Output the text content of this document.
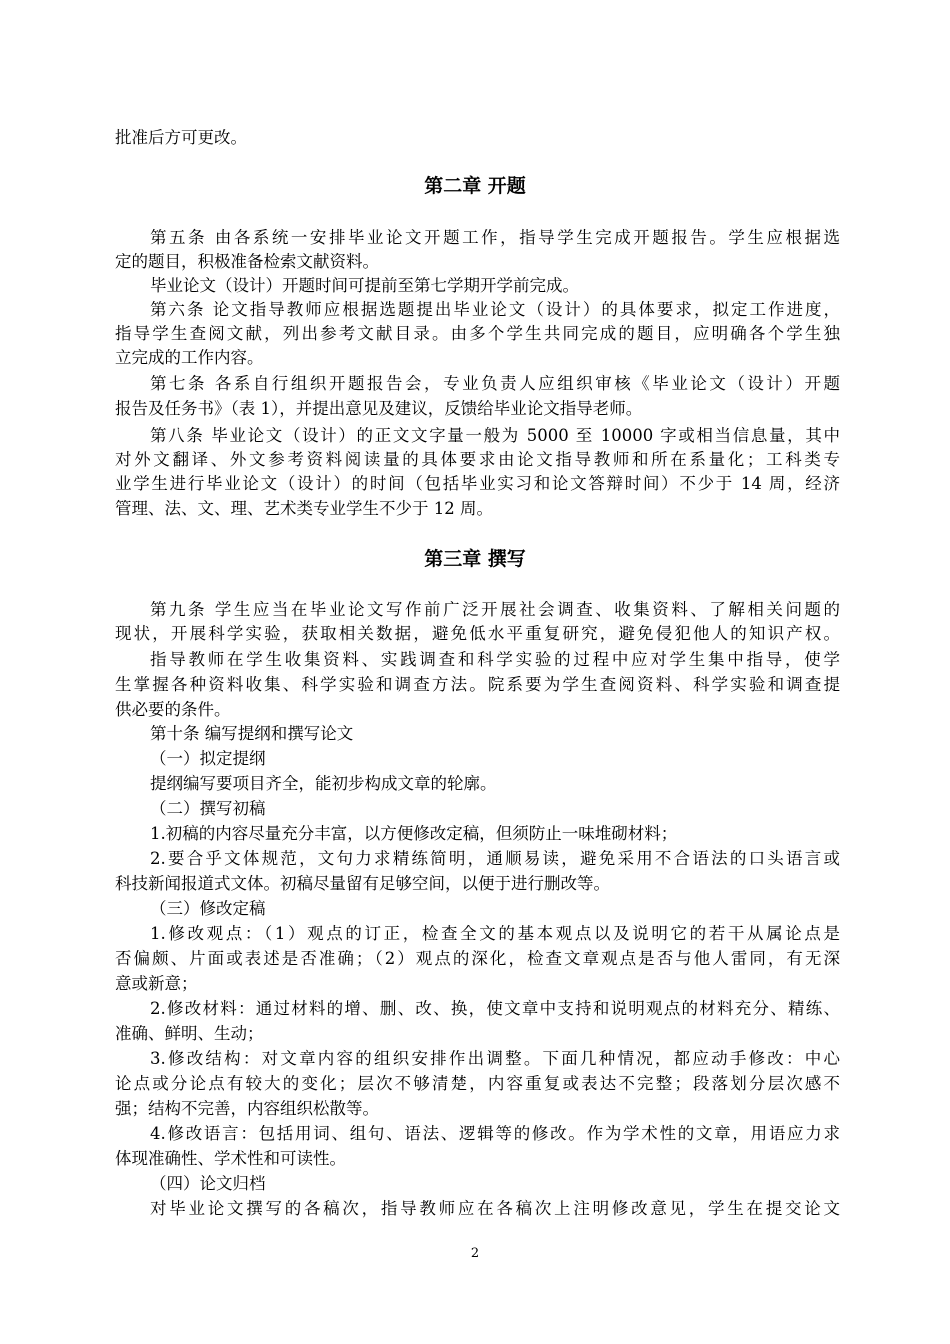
批准后方可更改。
第二章 开题
第五条 由各系统一安排毕业论文开题工作，指导学生完成开题报告。学生应根据选
定的题目，积极准备检索文献资料。
毕业论文（设计）开题时间可提前至第七学期开学前完成。
第六条 论文指导教师应根据选题提出毕业论文（设计）的具体要求，拟定工作进度，
指导学生查阅文献，列出参考文献目录。由多个学生共同完成的题目，应明确各个学生独
立完成的工作内容。
第七条 各系自行组织开题报告会，专业负责人应组织审核《毕业论文（设计）开题
报告及任务书》（表 1），并提出意见及建议，反馈给毕业论文指导老师。
第八条 毕业论文（设计）的正文文字量一般为 5000 至 10000 字或相当信息量，其中
对外文翻译、外文参考资料阅读量的具体要求由论文指导教师和所在系量化；工科类专
业学生进行毕业论文（设计）的时间（包括毕业实习和论文答辩时间）不少于 14 周，经济
管理、法、文、理、艺术类专业学生不少于 12 周。
第三章 撰写
第九条 学生应当在毕业论文写作前广泛开展社会调查、收集资料、了解相关问题的
现状，开展科学实验，获取相关数据，避免低水平重复研究，避免侵犯他人的知识产权。
指导教师在学生收集资料、实践调查和科学实验的过程中应对学生集中指导，使学
生掌握各种资料收集、科学实验和调查方法。院系要为学生查阅资料、科学实验和调查提
供必要的条件。
第十条 编写提纲和撰写论文
（一）拟定提纲
提纲编写要项目齐全，能初步构成文章的轮廓。
（二）撰写初稿
1.初稿的内容尽量充分丰富，以方便修改定稿，但须防止一味堆砌材料；
2.要合乎文体规范，文句力求精练简明，通顺易读，避免采用不合语法的口头语言或
科技新闻报道式文体。初稿尽量留有足够空间，以便于进行删改等。
（三）修改定稿
1.修改观点：（1）观点的订正，检查全文的基本观点以及说明它的若干从属论点是
否偏颇、片面或表述是否准确；（2）观点的深化，检查文章观点是否与他人雷同，有无深
意或新意；
2.修改材料：通过材料的增、删、改、换，使文章中支持和说明观点的材料充分、精练、
准确、鲜明、生动；
3.修改结构：对文章内容的组织安排作出调整。下面几种情况，都应动手修改：中心
论点或分论点有较大的变化；层次不够清楚，内容重复或表达不完整；段落划分层次感不
强；结构不完善，内容组织松散等。
4.修改语言：包括用词、组句、语法、逻辑等的修改。作为学术性的文章，用语应力求
体现准确性、学术性和可读性。
（四）论文归档
对毕业论文撰写的各稿次，指导教师应在各稿次上注明修改意见，学生在提交论文
2
